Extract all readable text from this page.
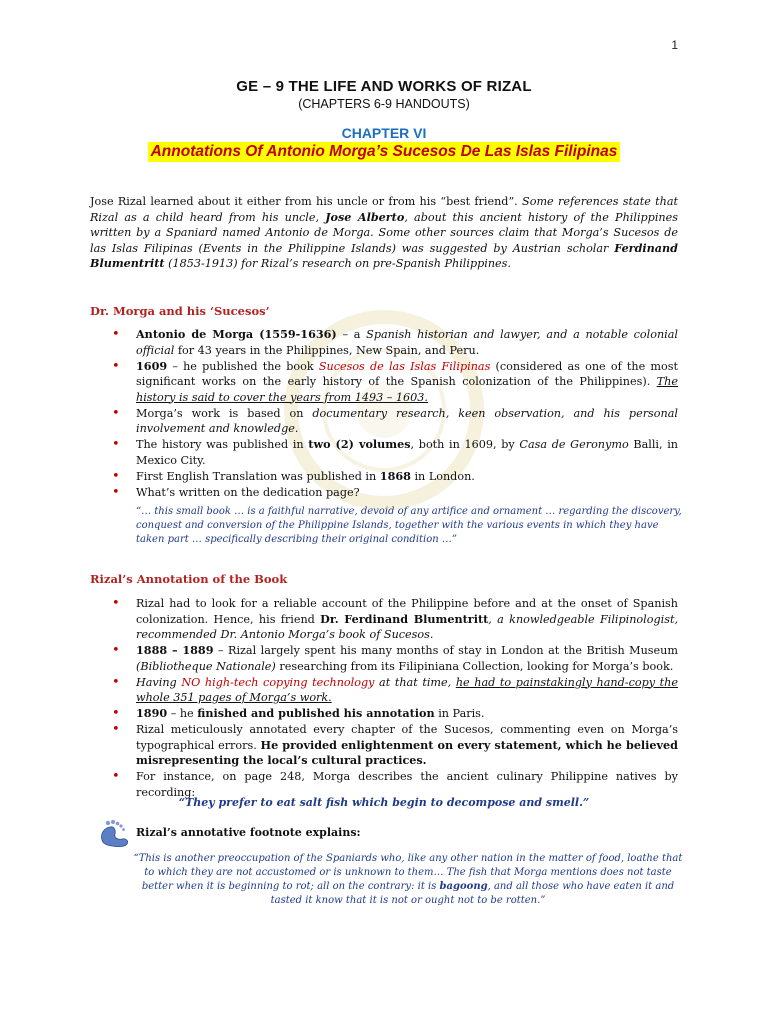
1
GE – 9 THE LIFE AND WORKS OF RIZAL
(CHAPTERS 6-9 HANDOUTS)
CHAPTER VI
Annotations Of Antonio Morga’s Sucesos De Las Islas Filipinas
Jose Rizal learned about it either from his uncle or from his “best friend”. Some references state that Rizal as a child heard from his uncle, Jose Alberto, about this ancient history of the Philippines written by a Spaniard named Antonio de Morga. Some other sources claim that Morga’s Sucesos de las Islas Filipinas (Events in the Philippine Islands) was suggested by Austrian scholar Ferdinand Blumentritt (1853-1913) for Rizal’s research on pre-Spanish Philippines.
Dr. Morga and his ‘Sucesos’
• Antonio de Morga (1559-1636) – a Spanish historian and lawyer, and a notable colonial official for 43 years in the Philippines, New Spain, and Peru.
• 1609 – he published the book Sucesos de las Islas Filipinas (considered as one of the most significant works on the early history of the Spanish colonization of the Philippines). The history is said to cover the years from 1493 – 1603.
• Morga’s work is based on documentary research, keen observation, and his personal involvement and knowledge.
• The history was published in two (2) volumes, both in 1609, by Casa de Geronymo Balli, in Mexico City.
• First English Translation was published in 1868 in London.
• What’s written on the dedication page?
“… this small book … is a faithful narrative, devoid of any artifice and ornament … regarding the discovery, conquest and conversion of the Philippine Islands, together with the various events in which they have taken part … specifically describing their original condition …”
Rizal’s Annotation of the Book
• Rizal had to look for a reliable account of the Philippine before and at the onset of Spanish colonization. Hence, his friend Dr. Ferdinand Blumentritt, a knowledgeable Filipinologist, recommended Dr. Antonio Morga’s book of Sucesos.
• 1888 – 1889 – Rizal largely spent his many months of stay in London at the British Museum (Bibliotheque Nationale) researching from its Filipiniana Collection, looking for Morga’s book.
• Having NO high-tech copying technology at that time, he had to painstakingly hand-copy the whole 351 pages of Morga’s work.
• 1890 – he finished and published his annotation in Paris.
• Rizal meticulously annotated every chapter of the Sucesos, commenting even on Morga’s typographical errors. He provided enlightenment on every statement, which he believed misrepresenting the local’s cultural practices.
• For instance, on page 248, Morga describes the ancient culinary Philippine natives by recording:
“They prefer to eat salt fish which begin to decompose and smell.”
Rizal’s annotative footnote explains:
“This is another preoccupation of the Spaniards who, like any other nation in the matter of food, loathe that to which they are not accustomed or is unknown to them… The fish that Morga mentions does not taste better when it is beginning to rot; all on the contrary: it is bagoong, and all those who have eaten it and tasted it know that it is not or ought not to be rotten.”
